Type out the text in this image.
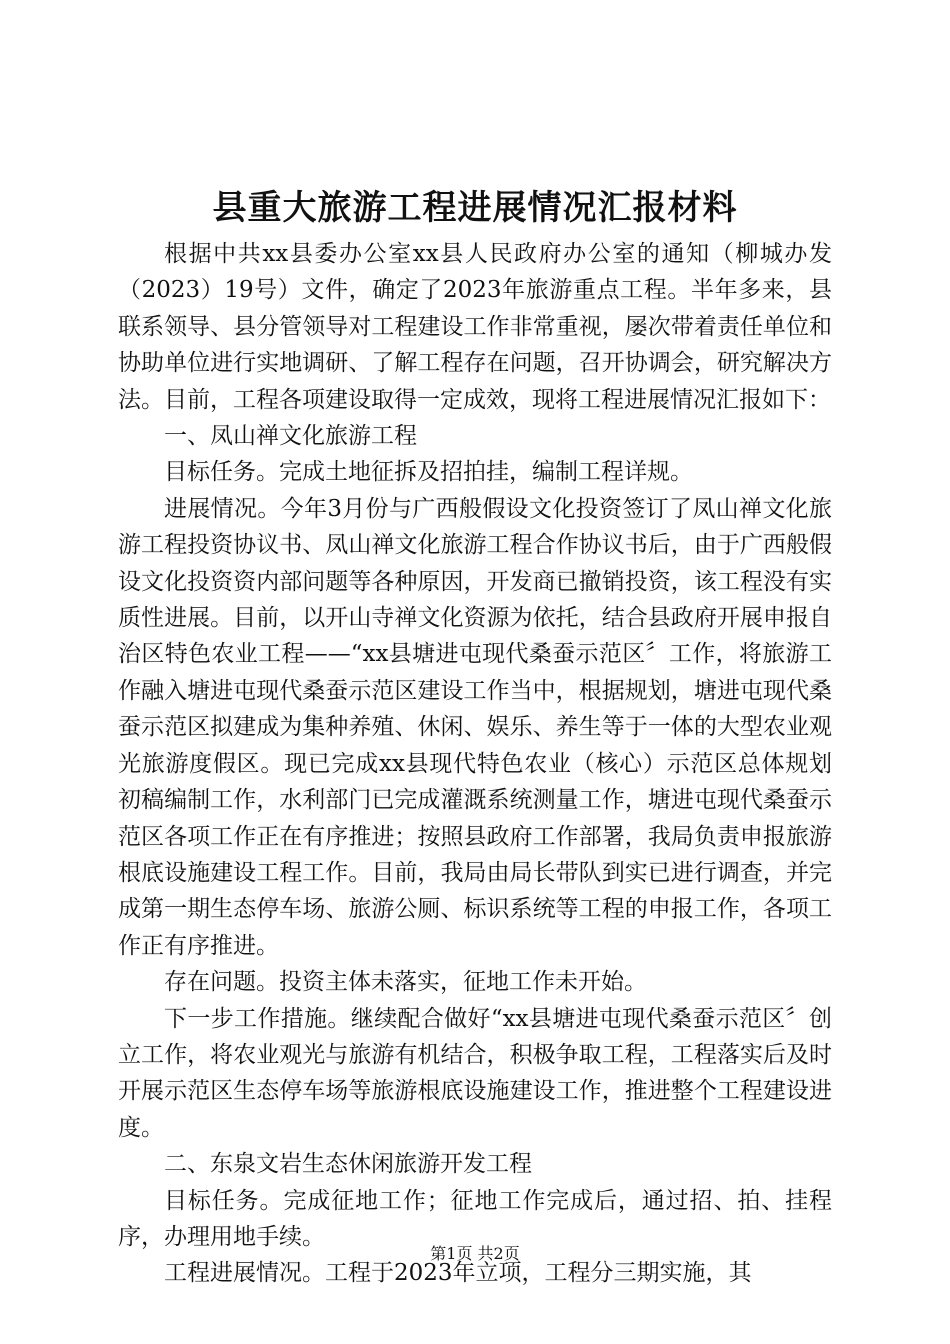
县重大旅游工程进展情况汇报材料

根据中共xx县委办公室xx县人民政府办公室的通知（柳城办发（2023）19号）文件，确定了2023年旅游重点工程。半年多来，县联系领导、县分管领导对工程建设工作非常重视，屡次带着责任单位和协助单位进行实地调研、了解工程存在问题，召开协调会，研究解决方法。目前，工程各项建设取得一定成效，现将工程进展情况汇报如下：

一、凤山禅文化旅游工程

目标任务。完成土地征拆及招拍挂，编制工程详规。

进展情况。今年3月份与广西般假设文化投资签订了凤山禅文化旅游工程投资协议书、凤山禅文化旅游工程合作协议书后，由于广西般假设文化投资资内部问题等各种原因，开发商已撤销投资，该工程没有实质性进展。目前，以开山寺禅文化资源为依托，结合县政府开展申报自治区特色农业工程——“xx县塘进屯现代桑蚕示范区〞工作，将旅游工作融入塘进屯现代桑蚕示范区建设工作当中，根据规划，塘进屯现代桑蚕示范区拟建成为集种养殖、休闲、娱乐、养生等于一体的大型农业观光旅游度假区。现已完成xx县现代特色农业（核心）示范区总体规划初稿编制工作，水利部门已完成灌溉系统测量工作，塘进屯现代桑蚕示范区各项工作正在有序推进；按照县政府工作部署，我局负责申报旅游根底设施建设工程工作。目前，我局由局长带队到实已进行调查，并完成第一期生态停车场、旅游公厕、标识系统等工程的申报工作，各项工作正有序推进。

存在问题。投资主体未落实，征地工作未开始。

下一步工作措施。继续配合做好“xx县塘进屯现代桑蚕示范区〞创立工作，将农业观光与旅游有机结合，积极争取工程，工程落实后及时开展示范区生态停车场等旅游根底设施建设工作，推进整个工程建设进度。

二、东泉文岩生态休闲旅游开发工程

目标任务。完成征地工作；征地工作完成后，通过招、拍、挂程序，办理用地手续。

工程进展情况。工程于2023年立项，工程分三期实施，其

第1页 共2页
